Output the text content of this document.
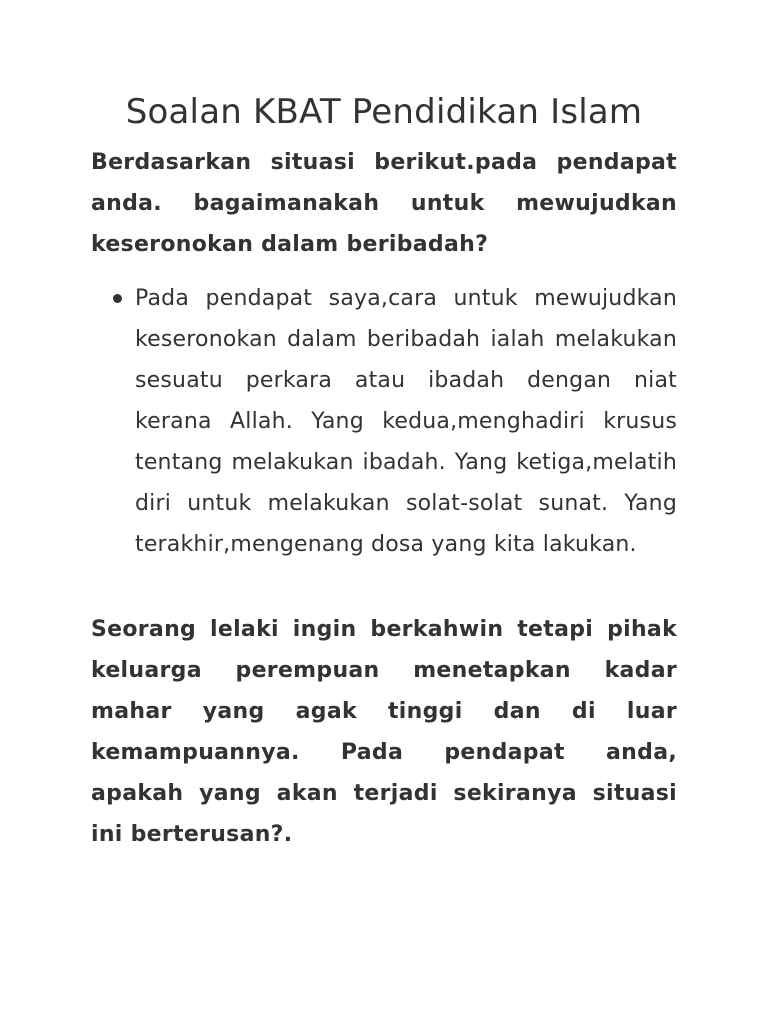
Soalan KBAT Pendidikan Islam

Berdasarkan situasi berikut.pada pendapat anda. bagaimanakah untuk mewujudkan keseronokan dalam beribadah?

Pada pendapat saya,cara untuk mewujudkan keseronokan dalam beribadah ialah melakukan sesuatu perkara atau ibadah dengan niat kerana Allah. Yang kedua,menghadiri krusus tentang melakukan ibadah. Yang ketiga,melatih diri untuk melakukan solat-solat sunat. Yang terakhir,mengenang dosa yang kita lakukan.

Seorang lelaki ingin berkahwin tetapi pihak keluarga perempuan menetapkan kadar mahar yang agak tinggi dan di luar kemampuannya. Pada pendapat anda, apakah yang akan terjadi sekiranya situasi ini berterusan?.
